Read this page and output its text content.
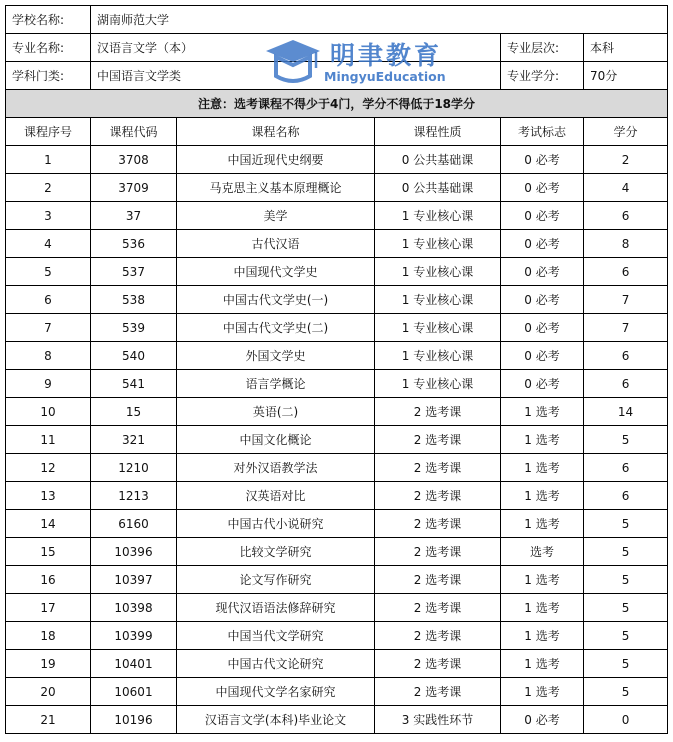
学校名称:	湖南师范大学				
专业名称:	汉语言文学（本）			专业层次:	本科
学科门类:	中国语言文学类			专业学分:	70分
注意：选考课程不得少于4门，学分不得低于18学分					
课程序号	课程代码	课程名称	课程性质	考试标志	学分
1	3708	中国近现代史纲要	0 公共基础课	0 必考	2
2	3709	马克思主义基本原理概论	0 公共基础课	0 必考	4
3	37	美学	1 专业核心课	0 必考	6
4	536	古代汉语	1 专业核心课	0 必考	8
5	537	中国现代文学史	1 专业核心课	0 必考	6
6	538	中国古代文学史(一)	1 专业核心课	0 必考	7
7	539	中国古代文学史(二)	1 专业核心课	0 必考	7
8	540	外国文学史	1 专业核心课	0 必考	6
9	541	语言学概论	1 专业核心课	0 必考	6
10	15	英语(二)	2 选考课	1 选考	14
11	321	中国文化概论	2 选考课	1 选考	5
12	1210	对外汉语教学法	2 选考课	1 选考	6
13	1213	汉英语对比	2 选考课	1 选考	6
14	6160	中国古代小说研究	2 选考课	1 选考	5
15	10396	比较文学研究	2 选考课	选考	5
16	10397	论文写作研究	2 选考课	1 选考	5
17	10398	现代汉语语法修辞研究	2 选考课	1 选考	5
18	10399	中国当代文学研究	2 选考课	1 选考	5
19	10401	中国古代文论研究	2 选考课	1 选考	5
20	10601	中国现代文学名家研究	2 选考课	1 选考	5
21	10196	汉语言文学(本科)毕业论文	3 实践性环节	0 必考	0
明聿教育
MingyuEducation
